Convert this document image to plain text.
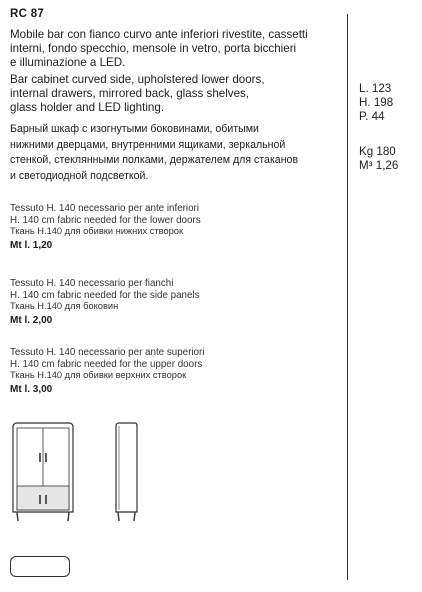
RC 87
Mobile bar con fianco curvo ante inferiori rivestite, cassetti
interni, fondo specchio, mensole in vetro, porta bicchieri
e illuminazione a LED.
Bar cabinet curved side, upholstered lower doors,
internal drawers, mirrored back, glass shelves,
glass holder and LED lighting.
Барный шкаф с изогнутыми боковинами, обитыми
нижними дверцами, внутренними ящиками, зеркальной
стенкой, стеклянными полками, держателем для стаканов
и светодиодной подсветкой.
L. 123
H. 198
P. 44
Kg 180
M³ 1,26
Tessuto H. 140 necessario per ante inferiori
H. 140 cm fabric needed for the lower doors
Ткань H.140 для обивки нижних створок
Mt l. 1,20
Tessuto H. 140 necessario per fianchi
H. 140 cm fabric needed for the side panels
Ткань H.140 для боковин
Mt l. 2,00
Tessuto H. 140 necessario per ante superiori
H. 140 cm fabric needed for the upper doors
Ткань H.140 для обивки верхних створок
Mt l. 3,00
